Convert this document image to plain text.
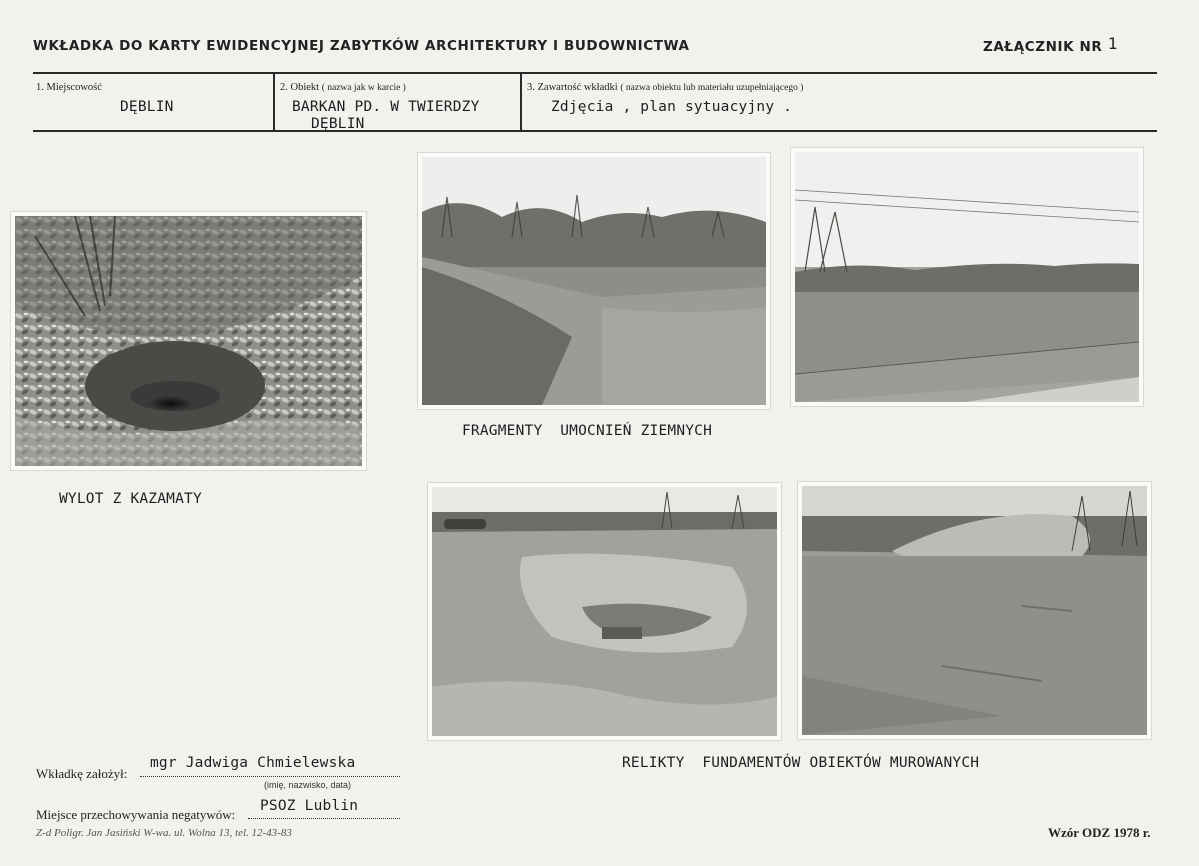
WKŁADKA DO KARTY EWIDENCYJNEJ ZABYTKÓW ARCHITEKTURY I BUDOWNICTWA	ZAŁĄCZNIK NR 1
1. Miejscowość
DĘBLIN
2. Obiekt ( nazwa jak w karcie )
BARKAN PD. W TWIERDZY
DĘBLIN
3. Zawartość wkładki ( nazwa obiektu lub materiału uzupełniającego )
Zdjęcia , plan sytuacyjny .
WYLOT Z KAZAMATY
FRAGMENTY  UMOCNIEŃ ZIEMNYCH
RELIKTY  FUNDAMENTÓW OBIEKTÓW MUROWANYCH
Wkładkę założył:
mgr Jadwiga Chmielewska
(imię, nazwisko, data)
Miejsce przechowywania negatywów:
PSOZ Lublin
Z-d Poligr. Jan Jasiński W-wa. ul. Wolna 13, tel. 12-43-83	Wzór ODZ 1978 r.
